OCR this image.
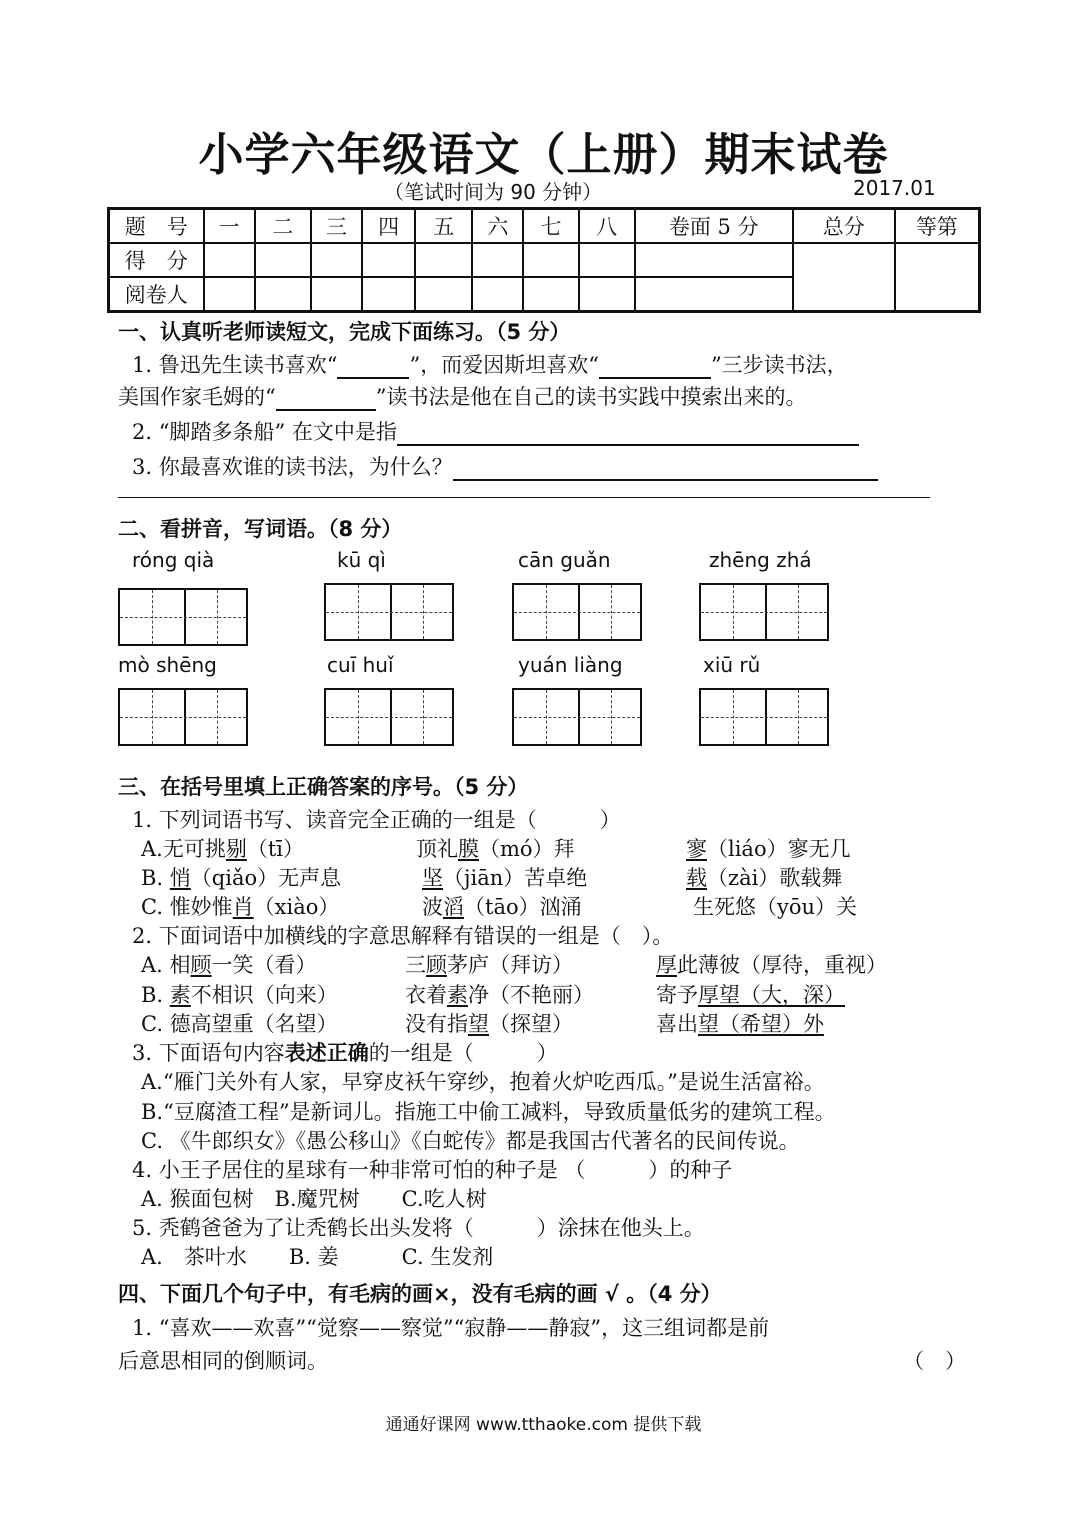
小学六年级语文（上册）期末试卷
（笔试时间为 90 分钟）	2017.01
题　号	一	二	三	四	五	六	七	八	卷面 5 分	总分	等第
得　分											
阅卷人											
一、认真听老师读短文，完成下面练习。（5 分）
1. 鲁迅先生读书喜欢“	”，而爱因斯坦喜欢“	”三步读书法，
美国作家毛姆的“	”读书法是他在自己的读书实践中摸索出来的。
2. “脚踏多条船” 在文中是指
3. 你最喜欢谁的读书法，为什么？
二、看拼音，写词语。（8 分）
róng qià	kū qì	cān guǎn	zhēng zhá
mò shēng	cuī huǐ	yuán liàng	xiū rǔ
三、在括号里填上正确答案的序号。（5 分）
1. 下列词语书写、读音完全正确的一组是（　　　）
A.无可挑剔（tī）	顶礼膜（mó）拜	寥（liáo）寥无几
B. 悄（qiǎo）无声息	坚（jiān）苦卓绝	载（zài）歌载舞
C. 惟妙惟肖（xiào）	波滔（tāo）汹涌	生死悠（yōu）关
2. 下面词语中加横线的字意思解释有错误的一组是（　）。
A. 相顾一笑（看）	三顾茅庐（拜访）	厚此薄彼（厚待，重视）
B. 素不相识（向来）	衣着素净（不艳丽）	寄予厚望（大，深）
C. 德高望重（名望）	没有指望（探望）	喜出望（希望）外
3. 下面语句内容表述正确的一组是（　　　）
A.“雁门关外有人家，早穿皮袄午穿纱，抱着火炉吃西瓜。”是说生活富裕。
B.“豆腐渣工程”是新词儿。指施工中偷工减料，导致质量低劣的建筑工程。
C. 《牛郎织女》《愚公移山》《白蛇传》都是我国古代著名的民间传说。
4. 小王子居住的星球有一种非常可怕的种子是 （　　　）的种子
A. 猴面包树　B.魔咒树　　C.吃人树
5. 秃鹤爸爸为了让秃鹤长出头发将（　　　）涂抹在他头上。
A.　茶叶水　　B. 姜　　　C. 生发剂
四、下面几个句子中，有毛病的画×，没有毛病的画 √ 。（4 分）
1. “喜欢——欢喜”“觉察——察觉”“寂静——静寂”，这三组词都是前
后意思相同的倒顺词。	（　）
通通好课网 www.tthaoke.com 提供下载
